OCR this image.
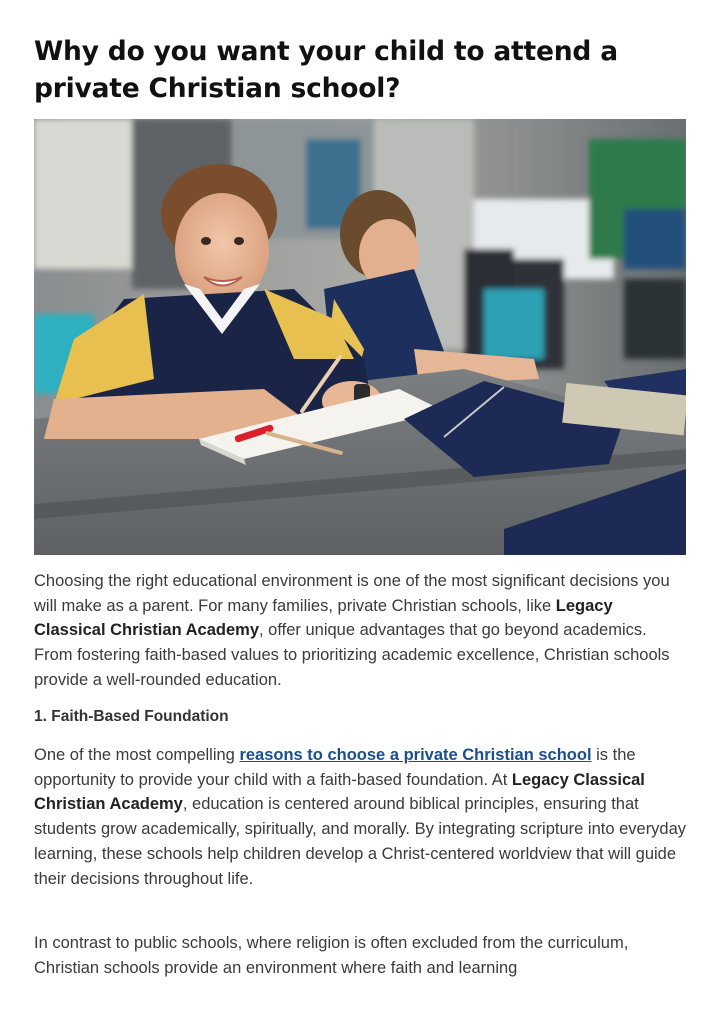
Why do you want your child to attend a private Christian school?

Choosing the right educational environment is one of the most significant decisions you will make as a parent. For many families, private Christian schools, like Legacy Classical Christian Academy, offer unique advantages that go beyond academics. From fostering faith-based values to prioritizing academic excellence, Christian schools provide a well-rounded education.

1. Faith-Based Foundation

One of the most compelling reasons to choose a private Christian school is the opportunity to provide your child with a faith-based foundation. At Legacy Classical Christian Academy, education is centered around biblical principles, ensuring that students grow academically, spiritually, and morally. By integrating scripture into everyday learning, these schools help children develop a Christ-centered worldview that will guide their decisions throughout life.

In contrast to public schools, where religion is often excluded from the curriculum, Christian schools provide an environment where faith and learning
